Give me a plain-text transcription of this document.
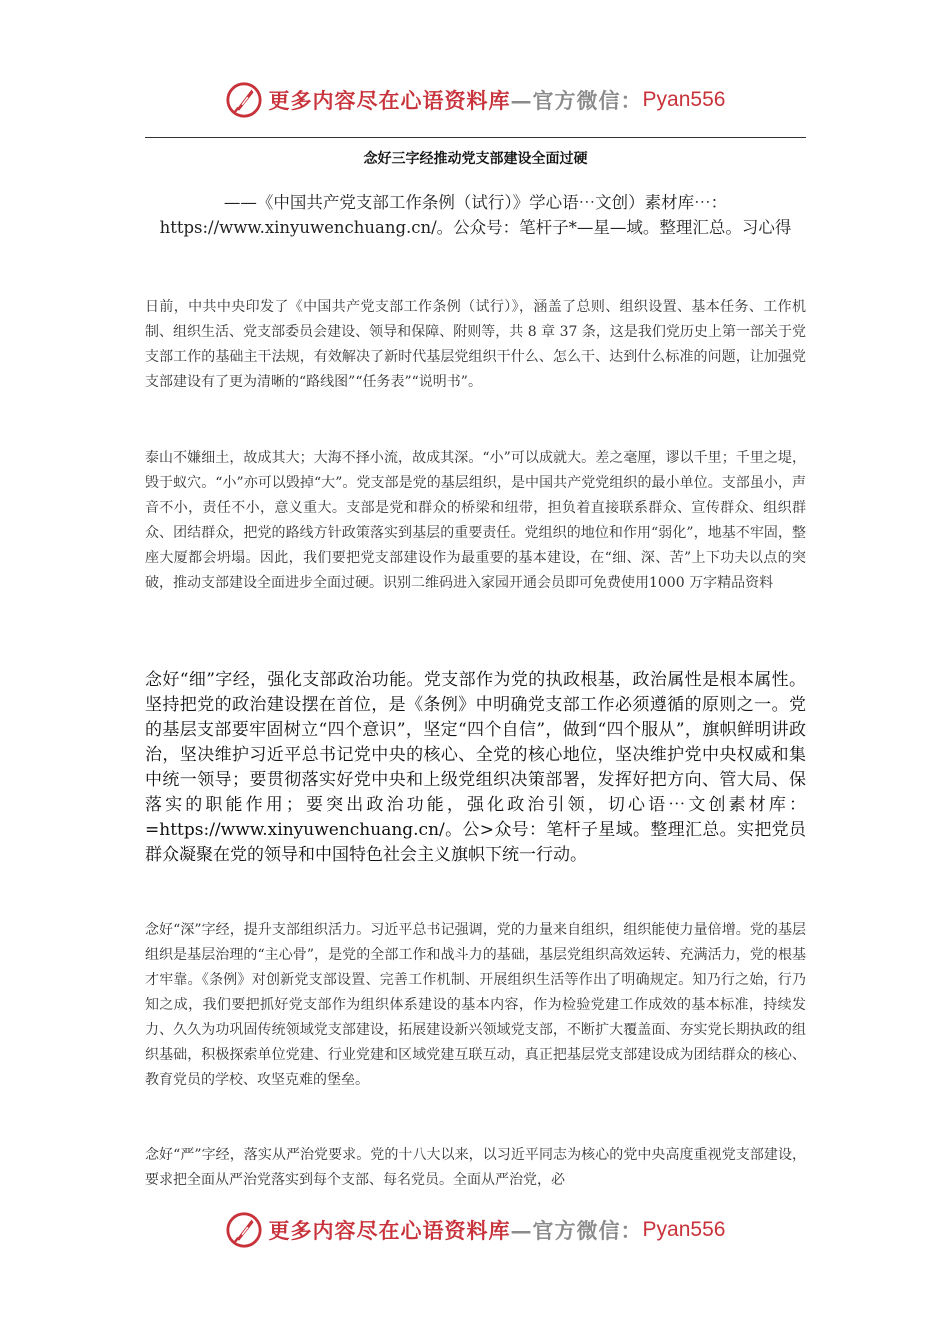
更多内容尽在心语资料库 —官方微信： Pyan556
念好三字经推动党支部建设全面过硬
——《中国共产党支部工作条例（试行）》学心语⋯文创）素材库⋯：https://www.xinyuwenchuang.cn/。公众号：笔杆子*—星—域。整理汇总。习心得

日前，中共中央印发了《中国共产党支部工作条例（试行）》，涵盖了总则、组织设置、基本任务、工作机制、组织生活、党支部委员会建设、领导和保障、附则等，共 8 章 37 条，这是我们党历史上第一部关于党支部工作的基础主干法规，有效解决了新时代基层党组织干什么、怎么干、达到什么标准的问题，让加强党支部建设有了更为清晰的“路线图”“任务表”“说明书”。

泰山不嫌细土，故成其大；大海不择小流，故成其深。“小”可以成就大。差之毫厘，谬以千里；千里之堤，毁于蚁穴。“小”亦可以毁掉“大”。党支部是党的基层组织，是中国共产党党组织的最小单位。支部虽小，声音不小，责任不小，意义重大。支部是党和群众的桥梁和纽带，担负着直接联系群众、宣传群众、组织群众、团结群众，把党的路线方针政策落实到基层的重要责任。党组织的地位和作用“弱化”，地基不牢固，整座大厦都会坍塌。因此，我们要把党支部建设作为最重要的基本建设，在“细、深、苦”上下功夫以点的突破，推动支部建设全面进步全面过硬。识别二维码进入家园开通会员即可免费使用1000 万字精品资料

念好“细”字经，强化支部政治功能。党支部作为党的执政根基，政治属性是根本属性。坚持把党的政治建设摆在首位，是《条例》中明确党支部工作必须遵循的原则之一。党的基层支部要牢固树立“四个意识”，坚定“四个自信”，做到“四个服从”，旗帜鲜明讲政治，坚决维护习近平总书记党中央的核心、全党的核心地位，坚决维护党中央权威和集中统一领导；要贯彻落实好党中央和上级党组织决策部署，发挥好把方向、管大局、保落实的职能作用；要突出政治功能，强化政治引领，切心语⋯文创素材库：=https://www.xinyuwenchuang.cn/。公>众号：笔杆子星域。整理汇总。实把党员群众凝聚在党的领导和中国特色社会主义旗帜下统一行动。

念好“深”字经，提升支部组织活力。习近平总书记强调，党的力量来自组织，组织能使力量倍增。党的基层组织是基层治理的“主心骨”，是党的全部工作和战斗力的基础，基层党组织高效运转、充满活力，党的根基才牢靠。《条例》对创新党支部设置、完善工作机制、开展组织生活等作出了明确规定。知乃行之始，行乃知之成，我们要把抓好党支部作为组织体系建设的基本内容，作为检验党建工作成效的基本标准，持续发力、久久为功巩固传统领域党支部建设，拓展建设新兴领域党支部，不断扩大覆盖面、夯实党长期执政的组织基础，积极探索单位党建、行业党建和区域党建互联互动，真正把基层党支部建设成为团结群众的核心、教育党员的学校、攻坚克难的堡垒。

念好“严”字经，落实从严治党要求。党的十八大以来，以习近平同志为核心的党中央高度重视党支部建设，要求把全面从严治党落实到每个支部、每名党员。全面从严治党，必

更多内容尽在心语资料库 —官方微信： Pyan556
